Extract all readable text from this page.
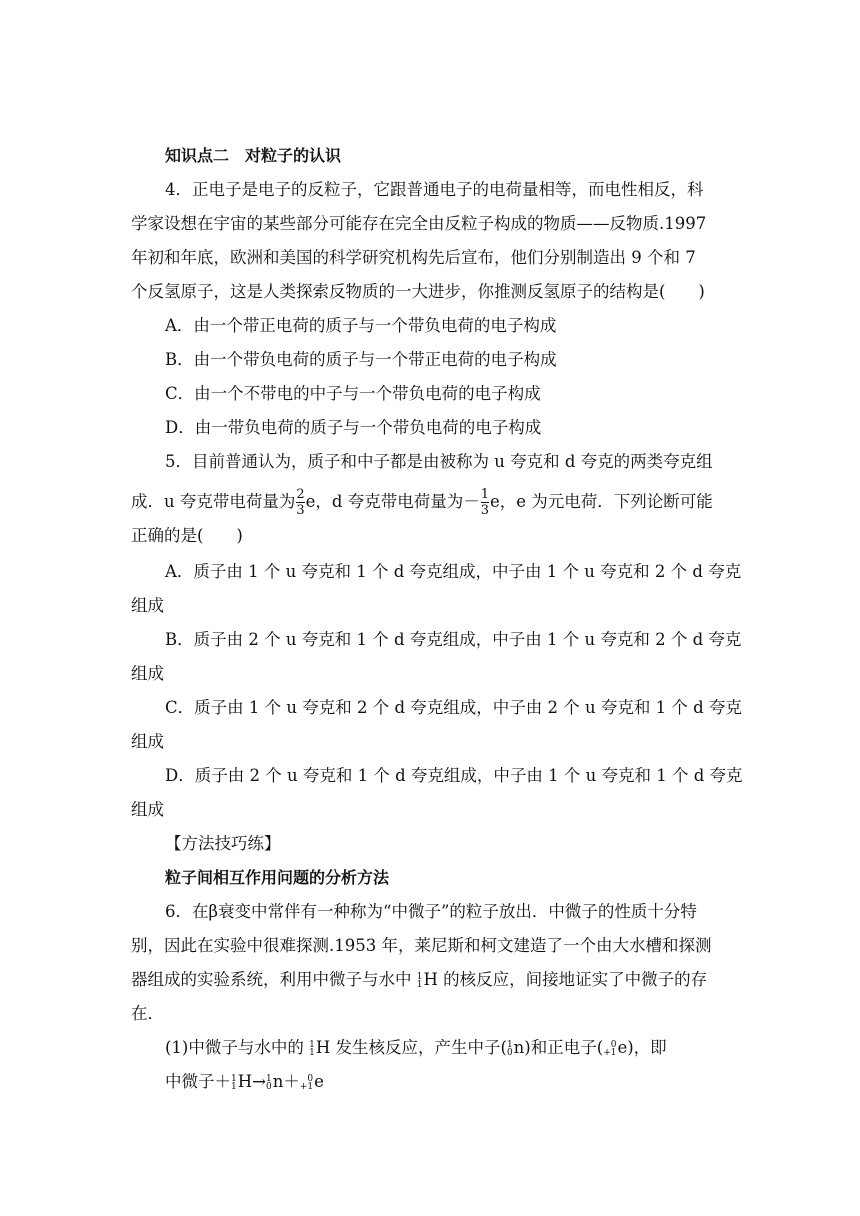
知识点二　对粒子的认识
4．正电子是电子的反粒子，它跟普通电子的电荷量相等，而电性相反，科
学家设想在宇宙的某些部分可能存在完全由反粒子构成的物质——反物质.1997
年初和年底，欧洲和美国的科学研究机构先后宣布，他们分别制造出 9 个和 7
个反氢原子，这是人类探索反物质的一大进步，你推测反氢原子的结构是(　　)
A．由一个带正电荷的质子与一个带负电荷的电子构成
B．由一个带负电荷的质子与一个带正电荷的电子构成
C．由一个不带电的中子与一个带负电荷的电子构成
D．由一带负电荷的质子与一个带负电荷的电子构成
5．目前普通认为，质子和中子都是由被称为 u 夸克和 d 夸克的两类夸克组
成．u 夸克带电荷量为 $\frac{2}{3}$ e，d 夸克带电荷量为－ $\frac{1}{3}$ e，e 为元电荷．下列论断可能
正确的是(　　)
A．质子由 1 个 u 夸克和 1 个 d 夸克组成，中子由 1 个 u 夸克和 2 个 d 夸克
组成
B．质子由 2 个 u 夸克和 1 个 d 夸克组成，中子由 1 个 u 夸克和 2 个 d 夸克
组成
C．质子由 1 个 u 夸克和 2 个 d 夸克组成，中子由 2 个 u 夸克和 1 个 d 夸克
组成
D．质子由 2 个 u 夸克和 1 个 d 夸克组成，中子由 1 个 u 夸克和 1 个 d 夸克
组成
【方法技巧练】
粒子间相互作用问题的分析方法
6．在β衰变中常伴有一种称为“中微子”的粒子放出．中微子的性质十分特
别，因此在实验中很难探测.1953 年，莱尼斯和柯文建造了一个由大水槽和探测
器组成的实验系统，利用中微子与水中 1
1 H 的核反应，间接地证实了中微子的存
在．
(1)中微子与水中的 1
1 H 发生核反应，产生中子( 1
0 n)和正电子( 0
+1 e)，即
中微子＋ 1
1 H→ 1
0 n＋ 0
+1 e
